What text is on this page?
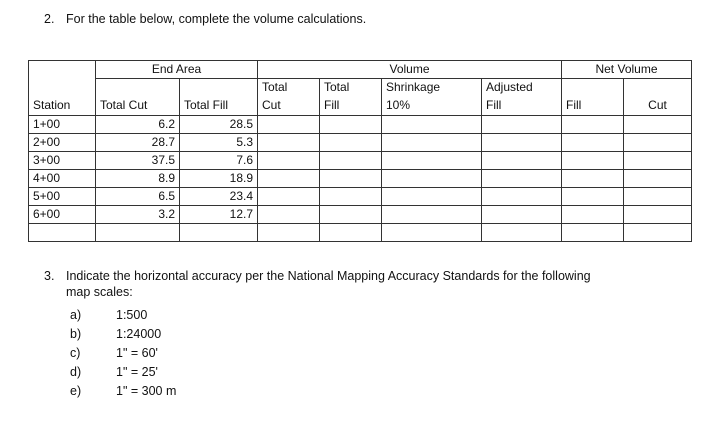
2. For the table below, complete the volume calculations.

	End Area		Volume				Net Volume	
			Total	Total	Shrinkage	Adjusted		
Station	Total Cut	Total Fill	Cut	Fill	10%	Fill	Fill	Cut
1+00	6.2	28.5						
2+00	28.7	5.3						
3+00	37.5	7.6						
4+00	8.9	18.9						
5+00	6.5	23.4						
6+00	3.2	12.7						

3. Indicate the horizontal accuracy per the National Mapping Accuracy Standards for the following
map scales:

a)	1:500
b)	1:24000
c)	1" = 60'
d)	1" = 25'
e)	1" = 300 m
